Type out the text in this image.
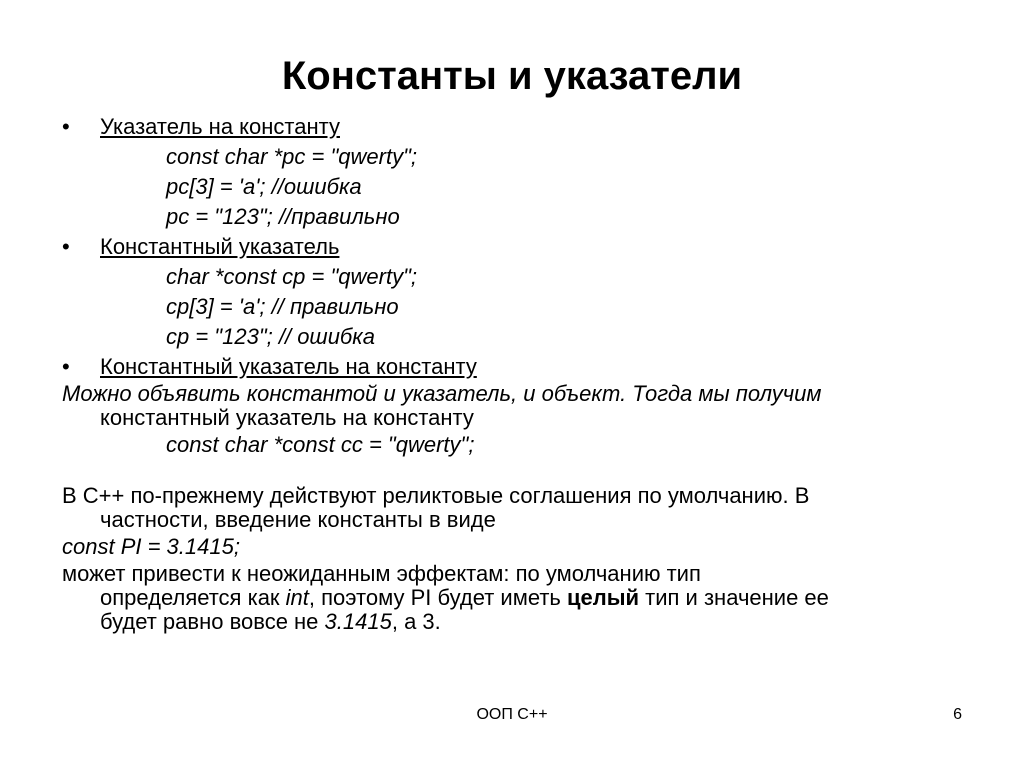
Константы и указатели
•	Указатель на константу
const char *pc = "qwerty";
pc[3] = 'a'; //ошибка
pc = "123"; //правильно
•	Константный указатель
char *const cp = "qwerty";
cp[3] = 'a'; // правильно
cp = "123"; // ошибка
•	Константный указатель на константу
Можно объявить константой и указатель, и объект. Тогда мы получим
константный указатель на константу
const char *const cc = "qwerty";
В С++ по-прежнему действуют реликтовые соглашения по умолчанию. В
частности, введение константы в виде
const PI = 3.1415;
может привести к неожиданным эффектам: по умолчанию тип
определяется как int, поэтому PI будет иметь целый тип и значение ее
будет равно вовсе не 3.1415, а 3.
ООП С++	6
